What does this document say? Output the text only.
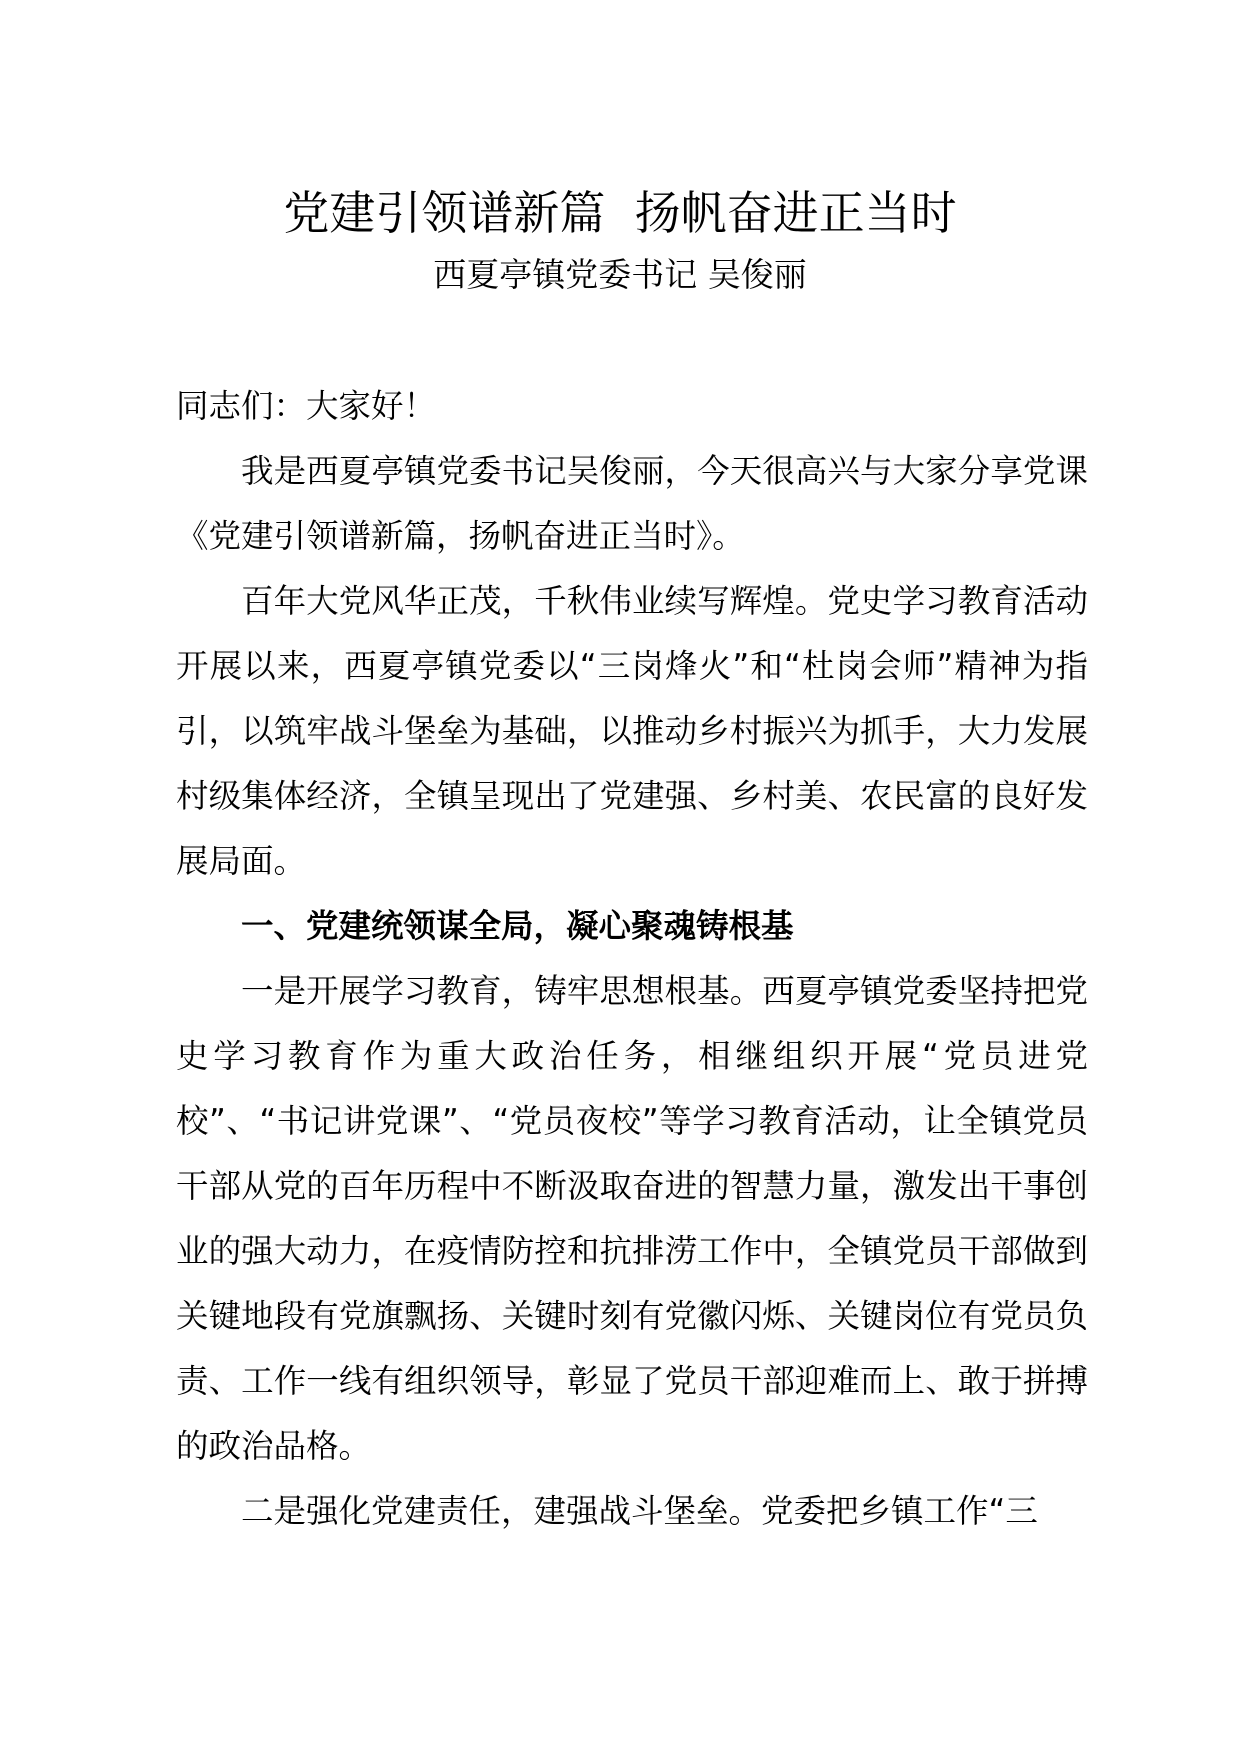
党建引领谱新篇  扬帆奋进正当时
西夏亭镇党委书记 吴俊丽

同志们：大家好！

我是西夏亭镇党委书记吴俊丽，今天很高兴与大家分享党课《党建引领谱新篇，扬帆奋进正当时》。

百年大党风华正茂，千秋伟业续写辉煌。党史学习教育活动开展以来，西夏亭镇党委以“三岗烽火”和“杜岗会师”精神为指引，以筑牢战斗堡垒为基础，以推动乡村振兴为抓手，大力发展村级集体经济，全镇呈现出了党建强、乡村美、农民富的良好发展局面。

一、党建统领谋全局，凝心聚魂铸根基

一是开展学习教育，铸牢思想根基。西夏亭镇党委坚持把党史学习教育作为重大政治任务，相继组织开展“党员进党校”、“书记讲党课”、“党员夜校”等学习教育活动，让全镇党员干部从党的百年历程中不断汲取奋进的智慧力量，激发出干事创业的强大动力，在疫情防控和抗排涝工作中，全镇党员干部做到关键地段有党旗飘扬、关键时刻有党徽闪烁、关键岗位有党员负责、工作一线有组织领导，彰显了党员干部迎难而上、敢于拼搏的政治品格。

二是强化党建责任，建强战斗堡垒。党委把乡镇工作“三
